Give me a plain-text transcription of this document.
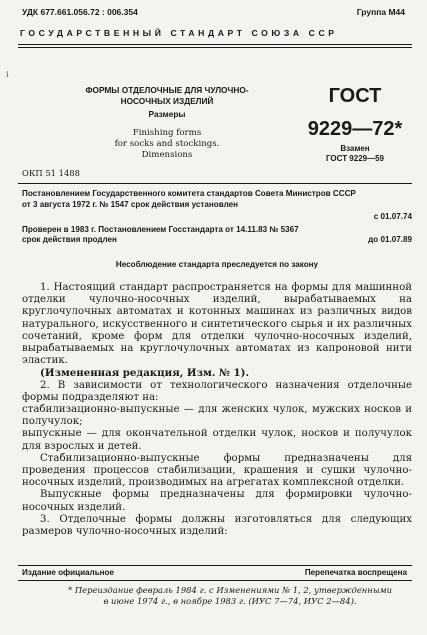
УДК 677.661.056.72 : 006.354	Группа М44
ГОСУДАРСТВЕННЫЙ СТАНДАРТ СОЮЗА ССР
i
ФОРМЫ ОТДЕЛОЧНЫЕ ДЛЯ ЧУЛОЧНО-
НОСОЧНЫХ ИЗДЕЛИЙ
Размеры
Finishing forms
for socks and stockings.
Dimensions
ГОСТ
9229—72*
Взамен
ГОСТ 9229—59
ОКП 51 1488
Постановлением Государственного комитета стандартов Совета Министров СССР
от 3 августа 1972 г. № 1547 срок действия установлен
с 01.07.74
Проверен в 1983 г. Постановлением Госстандарта от 14.11.83 № 5367
срок действия продлен	до 01.07.89
Несоблюдение стандарта преследуется по закону

1. Настоящий стандарт распространяется на формы для машинной отделки чулочно-носочных изделий, вырабатываемых на круглочулочных автоматах и котонных машинах из различных видов натурального, искусственного и синтетического сырья и их различных сочетаний, кроме форм для отделки чулочно-носочных изделий, вырабатываемых на круглочулочных автоматах из капроновой нити эластик.

(Измененная редакция, Изм. № 1).

2. В зависимости от технологического назначения отделочные формы подразделяют на:

стабилизационно-выпускные — для женских чулок, мужских носков и получулок;

выпускные — для окончательной отделки чулок, носков и получулок для взрослых и детей.

Стабилизационно-выпускные формы предназначены для проведения процессов стабилизации, крашения и сушки чулочно-носочных изделий, производимых на агрегатах комплексной отделки.

Выпускные формы предназначены для формировки чулочно-носочных изделий.

3. Отделочные формы должны изготовляться для следующих размеров чулочно-носочных изделий:

Издание официальное	Перепечатка воспрещена
* Переиздание февраль 1984 г. с Изменениями № 1, 2, утвержденными
в июне 1974 г., в ноябре 1983 г. (ИУС 7—74, ИУС 2—84).
